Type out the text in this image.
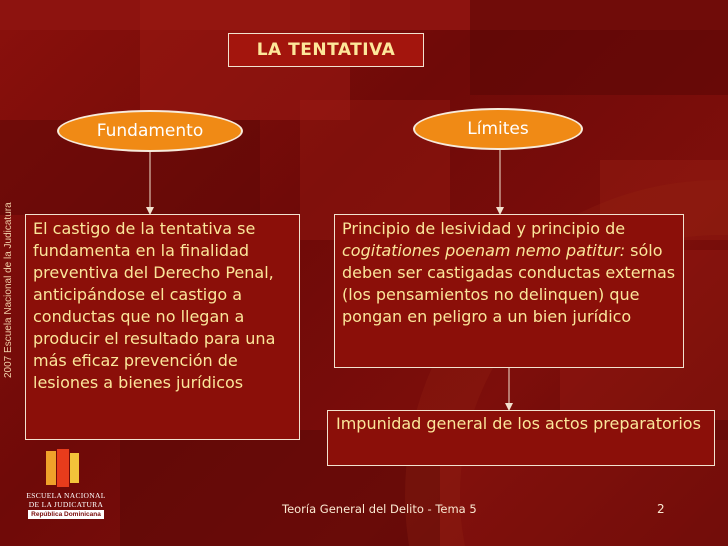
2007 Escuela Nacional de la Judicatura
LA TENTATIVA
Fundamento	Límites
El castigo de la tentativa se fundamenta en la finalidad preventiva del Derecho Penal, anticipándose el castigo a conductas que no llegan a producir el resultado para una más eficaz prevención de lesiones a bienes jurídicos
Principio de lesividad y principio de cogitationes poenam nemo patitur: sólo deben ser castigadas conductas externas (los pensamientos no delinquen) que pongan en peligro a un bien jurídico
Impunidad general de los actos preparatorios
ESCUELA NACIONAL
DE LA JUDICATURA
República Dominicana	Teoría General del Delito - Tema 5	2
